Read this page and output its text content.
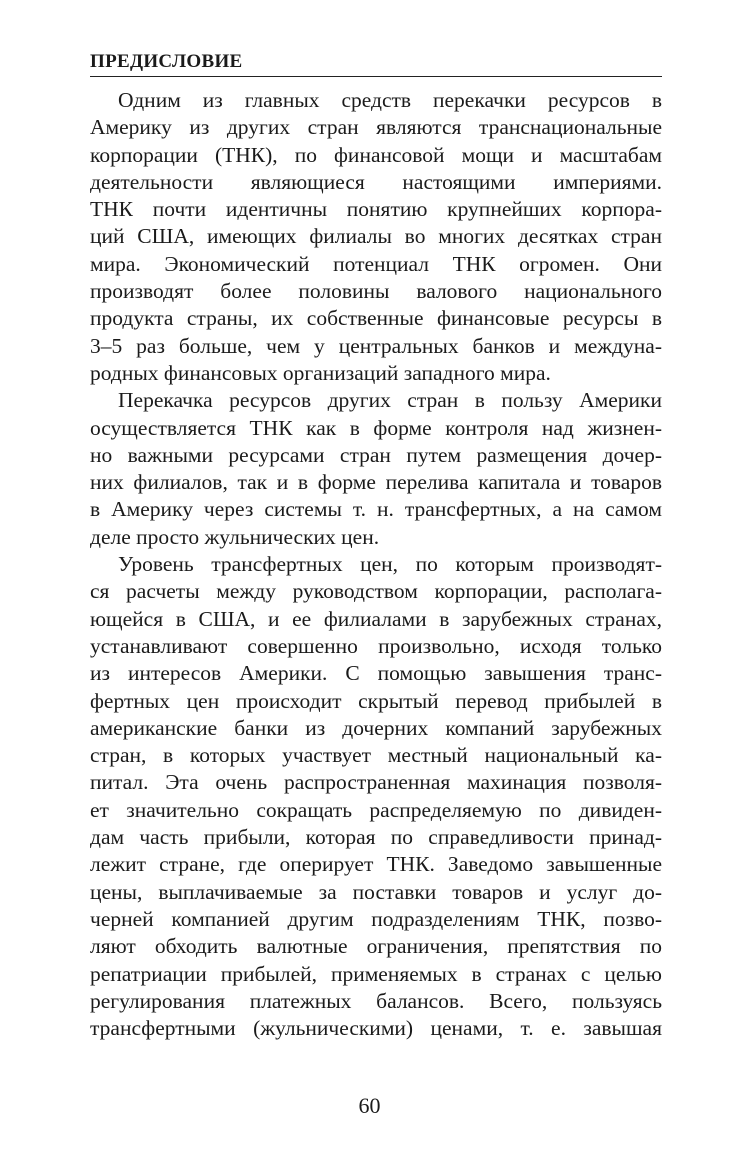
ПРЕДИСЛОВИЕ
Одним из главных средств перекачки ресурсов в
Америку из других стран являются транснациональные
корпорации (ТНК), по финансовой мощи и масштабам
деятельности являющиеся настоящими империями.
ТНК почти идентичны понятию крупнейших корпора-
ций США, имеющих филиалы во многих десятках стран
мира. Экономический потенциал ТНК огромен. Они
производят более половины валового национального
продукта страны, их собственные финансовые ресурсы в
3–5 раз больше, чем у центральных банков и междуна-
родных финансовых организаций западного мира.
Перекачка ресурсов других стран в пользу Америки
осуществляется ТНК как в форме контроля над жизнен-
но важными ресурсами стран путем размещения дочер-
них филиалов, так и в форме перелива капитала и товаров
в Америку через системы т. н. трансфертных, а на самом
деле просто жульнических цен.
Уровень трансфертных цен, по которым производят-
ся расчеты между руководством корпорации, располага-
ющейся в США, и ее филиалами в зарубежных странах,
устанавливают совершенно произвольно, исходя только
из интересов Америки. С помощью завышения транс-
фертных цен происходит скрытый перевод прибылей в
американские банки из дочерних компаний зарубежных
стран, в которых участвует местный национальный ка-
питал. Эта очень распространенная махинация позволя-
ет значительно сокращать распределяемую по дивиден-
дам часть прибыли, которая по справедливости принад-
лежит стране, где оперирует ТНК. Заведомо завышенные
цены, выплачиваемые за поставки товаров и услуг до-
черней компанией другим подразделениям ТНК, позво-
ляют обходить валютные ограничения, препятствия по
репатриации прибылей, применяемых в странах с целью
регулирования платежных балансов. Всего, пользуясь
трансфертными (жульническими) ценами, т. е. завышая
60
